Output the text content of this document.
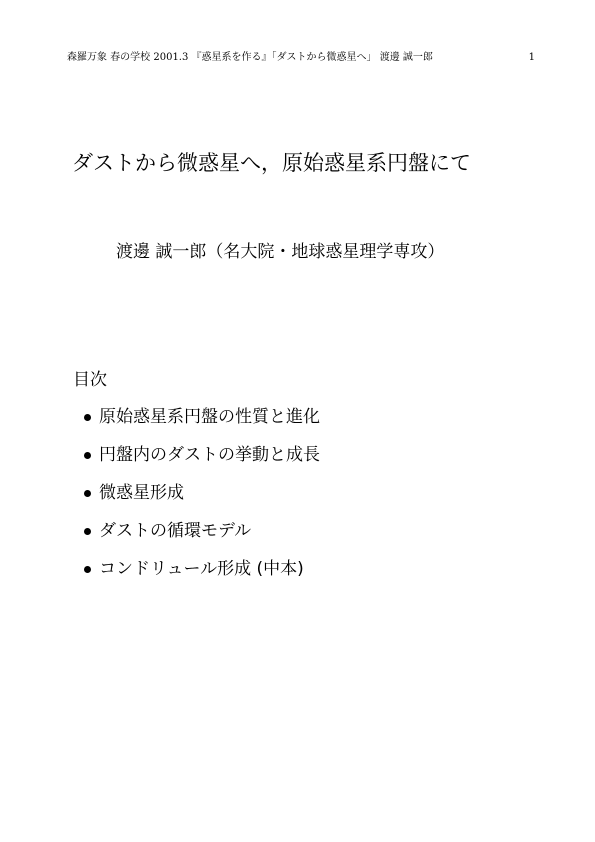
森羅万象 春の学校 2001.3 『惑星系を作る』「ダストから微惑星へ」 渡邊 誠一郎	1
ダストから微惑星へ，原始惑星系円盤にて
渡邊 誠一郎（名大院・地球惑星理学専攻）
目次
原始惑星系円盤の性質と進化
円盤内のダストの挙動と成長
微惑星形成
ダストの循環モデル
コンドリュール形成 (中本)
